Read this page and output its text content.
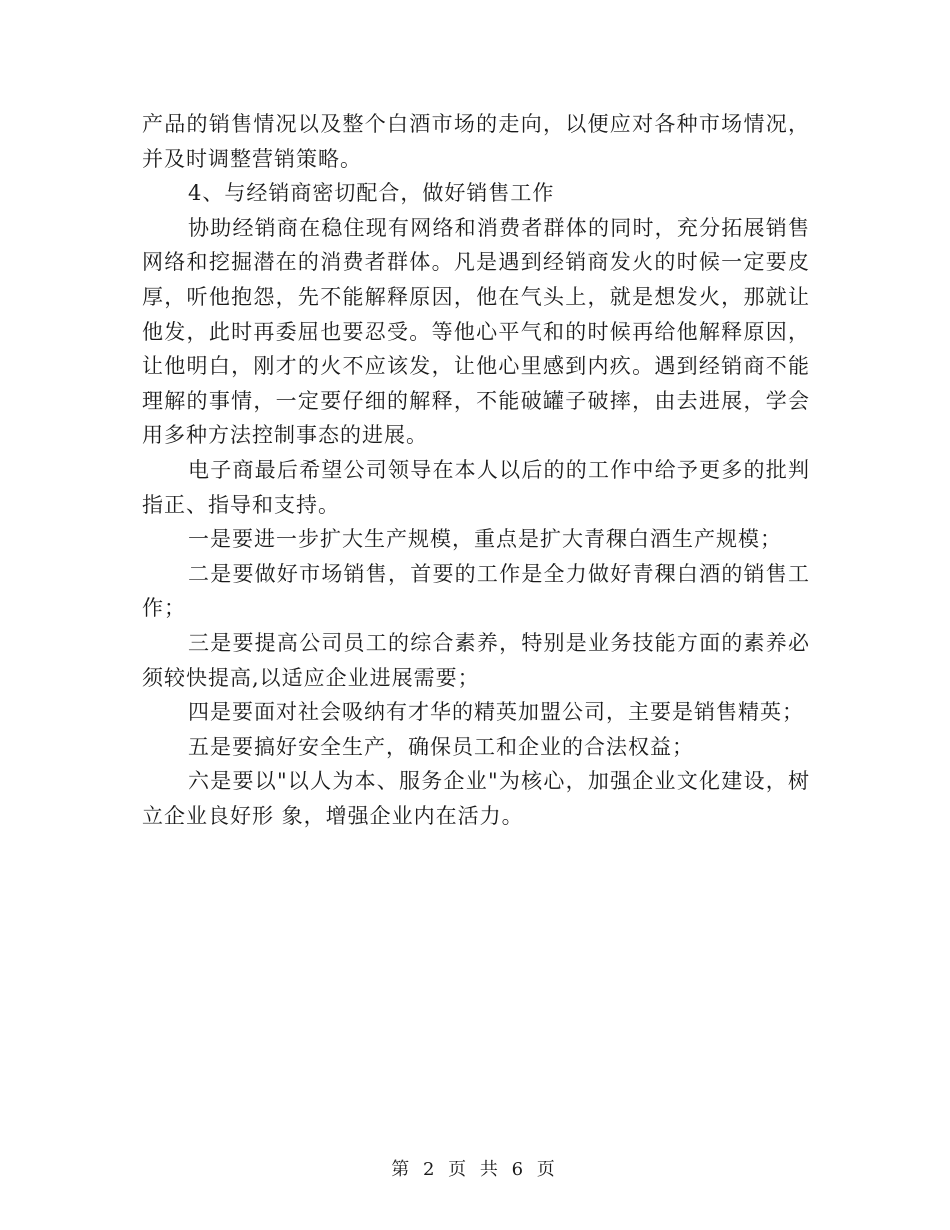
产品的销售情况以及整个白酒市场的走向，以便应对各种市场情况，并及时调整营销策略。

4、与经销商密切配合，做好销售工作

协助经销商在稳住现有网络和消费者群体的同时，充分拓展销售网络和挖掘潜在的消费者群体。凡是遇到经销商发火的时候一定要皮厚，听他抱怨，先不能解释原因，他在气头上，就是想发火，那就让他发，此时再委屈也要忍受。等他心平气和的时候再给他解释原因，让他明白，刚才的火不应该发，让他心里感到内疚。遇到经销商不能理解的事情，一定要仔细的解释，不能破罐子破摔，由去进展，学会用多种方法控制事态的进展。

电子商最后希望公司领导在本人以后的的工作中给予更多的批判指正、指导和支持。

一是要进一步扩大生产规模，重点是扩大青稞白酒生产规模；

二是要做好市场销售，首要的工作是全力做好青稞白酒的销售工作；

三是要提高公司员工的综合素养，特别是业务技能方面的素养必须较快提高,以适应企业进展需要；

四是要面对社会吸纳有才华的精英加盟公司，主要是销售精英；

五是要搞好安全生产，确保员工和企业的合法权益；

六是要以"以人为本、服务企业"为核心，加强企业文化建设，树立企业良好形 象，增强企业内在活力。

第 2 页 共 6 页
